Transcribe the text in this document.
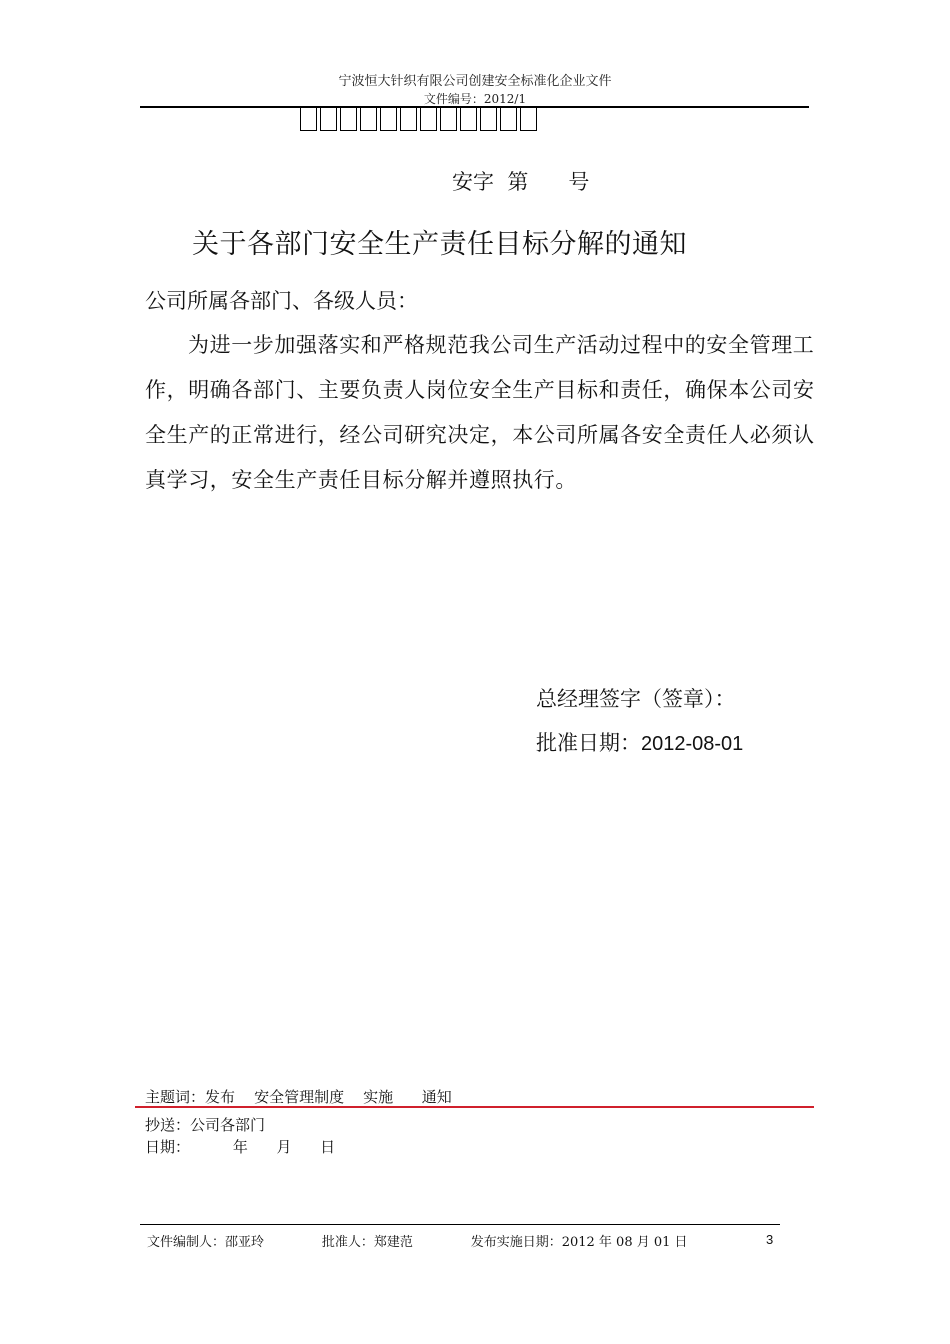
宁波恒大针织有限公司创建安全标准化企业文件
文件编号：2012/1
安字  第      号
关于各部门安全生产责任目标分解的通知
公司所属各部门、各级人员：
为进一步加强落实和严格规范我公司生产活动过程中的安全管理工作，明确各部门、主要负责人岗位安全生产目标和责任，确保本公司安全生产的正常进行，经公司研究决定，本公司所属各安全责任人必须认真学习，安全生产责任目标分解并遵照执行。
总经理签字（签章）：
批准日期：2012-08-01
主题词：发布    安全管理制度    实施      通知
抄送：公司各部门
日期：         年      月      日
文件编制人：邵亚玲              批准人：郑建范              发布实施日期：2012 年 08 月 01 日	3
